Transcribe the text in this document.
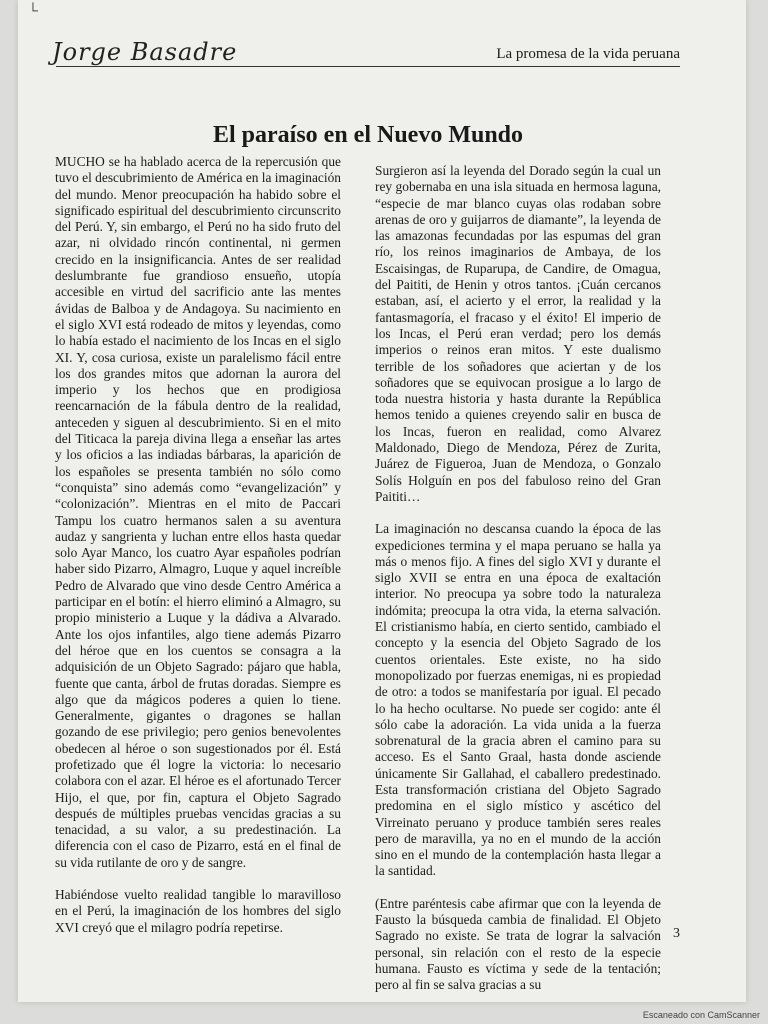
└
Jorge Basadre	La promesa de la vida peruana
El paraíso en el Nuevo Mundo

MUCHO se ha hablado acerca de la repercusión que tuvo el descubrimiento de América en la imaginación del mundo. Menor preocupación ha habido sobre el significado espiritual del descubrimiento circunscrito del Perú. Y, sin embargo, el Perú no ha sido fruto del azar, ni olvidado rincón continental, ni germen crecido en la insignificancia. Antes de ser realidad deslumbrante fue grandioso ensueño, utopía accesible en virtud del sacrificio ante las mentes ávidas de Balboa y de Andagoya. Su nacimiento en el siglo XVI está rodeado de mitos y leyendas, como lo había estado el nacimiento de los Incas en el siglo XI. Y, cosa curiosa, existe un paralelismo fácil entre los dos grandes mitos que adornan la aurora del imperio y los hechos que en prodigiosa reencarnación de la fábula dentro de la realidad, anteceden y siguen al descubrimiento. Si en el mito del Titicaca la pareja divina llega a enseñar las artes y los oficios a las indiadas bárbaras, la aparición de los españoles se presenta también no sólo como “conquista” sino además como “evangelización” y “colonización”. Mientras en el mito de Paccari Tampu los cuatro hermanos salen a su aventura audaz y sangrienta y luchan entre ellos hasta quedar solo Ayar Manco, los cuatro Ayar españoles podrían haber sido Pizarro, Almagro, Luque y aquel increíble Pedro de Alvarado que vino desde Centro América a participar en el botín: el hierro eliminó a Almagro, su propio ministerio a Luque y la dádiva a Alvarado. Ante los ojos infantiles, algo tiene además Pizarro del héroe que en los cuentos se consagra a la adquisición de un Objeto Sagrado: pájaro que habla, fuente que canta, árbol de frutas doradas. Siempre es algo que da mágicos poderes a quien lo tiene. Generalmente, gigantes o dragones se hallan gozando de ese privilegio; pero genios benevolentes obedecen al héroe o son sugestionados por él. Está profetizado que él logre la victoria: lo necesario colabora con el azar. El héroe es el afortunado Tercer Hijo, el que, por fin, captura el Objeto Sagrado después de múltiples pruebas vencidas gracias a su tenacidad, a su valor, a su predestinación. La diferencia con el caso de Pizarro, está en el final de su vida rutilante de oro y de sangre.

Habiéndose vuelto realidad tangible lo maravilloso en el Perú, la imaginación de los hombres del siglo XVI creyó que el milagro podría repetirse.

Surgieron así la leyenda del Dorado según la cual un rey gobernaba en una isla situada en hermosa laguna, “especie de mar blanco cuyas olas rodaban sobre arenas de oro y guijarros de diamante”, la leyenda de las amazonas fecundadas por las espumas del gran río, los reinos imaginarios de Ambaya, de los Escaisingas, de Ruparupa, de Candire, de Omagua, del Paititi, de Henin y otros tantos. ¡Cuán cercanos estaban, así, el acierto y el error, la realidad y la fantasmagoría, el fracaso y el éxito! El imperio de los Incas, el Perú eran verdad; pero los demás imperios o reinos eran mitos. Y este dualismo terrible de los soñadores que aciertan y de los soñadores que se equivocan prosigue a lo largo de toda nuestra historia y hasta durante la República hemos tenido a quienes creyendo salir en busca de los Incas, fueron en realidad, como Alvarez Maldonado, Diego de Mendoza, Pérez de Zurita, Juárez de Figueroa, Juan de Mendoza, o Gonzalo Solís Holguín en pos del fabuloso reino del Gran Paititi…

La imaginación no descansa cuando la época de las expediciones termina y el mapa peruano se halla ya más o menos fijo. A fines del siglo XVI y durante el siglo XVII se entra en una época de exaltación interior. No preocupa ya sobre todo la naturaleza indómita; preocupa la otra vida, la eterna salvación. El cristianismo había, en cierto sentido, cambiado el concepto y la esencia del Objeto Sagrado de los cuentos orientales. Este existe, no ha sido monopolizado por fuerzas enemigas, ni es propiedad de otro: a todos se manifestaría por igual. El pecado lo ha hecho ocultarse. No puede ser cogido: ante él sólo cabe la adoración. La vida unida a la fuerza sobrenatural de la gracia abren el camino para su acceso. Es el Santo Graal, hasta donde asciende únicamente Sir Gallahad, el caballero predestinado. Esta transformación cristiana del Objeto Sagrado predomina en el siglo místico y ascético del Virreinato peruano y produce también seres reales pero de maravilla, ya no en el mundo de la acción sino en el mundo de la contemplación hasta llegar a la santidad.

(Entre paréntesis cabe afirmar que con la leyenda de Fausto la búsqueda cambia de finalidad. El Objeto Sagrado no existe. Se trata de lograr la salvación personal, sin relación con el resto de la especie humana. Fausto es víctima y sede de la tentación; pero al fin se salva gracias a su

3
Escaneado con CamScanner
